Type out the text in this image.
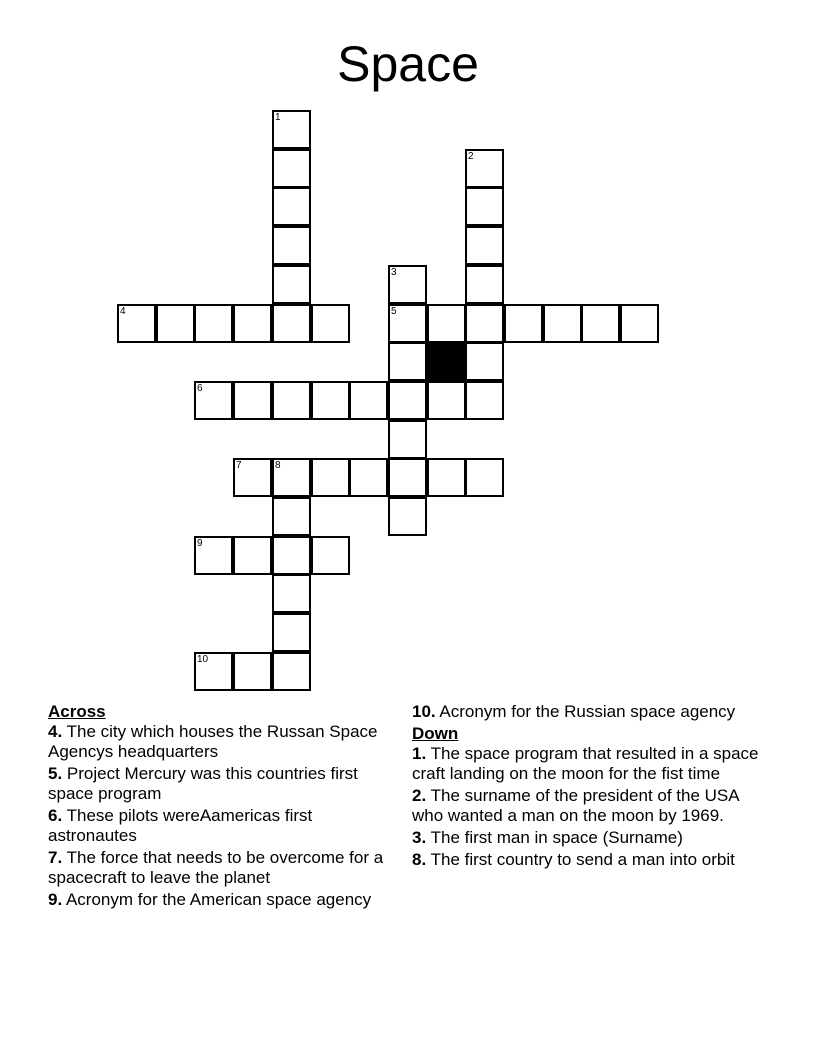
Space
1
2
3
4	5
6
7	8
9
10
Across
4. The city which houses the Russan Space Agencys headquarters
5. Project Mercury was this countries first space program
6. These pilots wereAamericas first astronautes
7. The force that needs to be overcome for a spacecraft to leave the planet
9. Acronym for the American space agency
10. Acronym for the Russian space agency
Down
1. The space program that resulted in a space craft landing on the moon for the fist time
2. The surname of the president of the USA who wanted a man on the moon by 1969.
3. The first man in space (Surname)
8. The first country to send a man into orbit
